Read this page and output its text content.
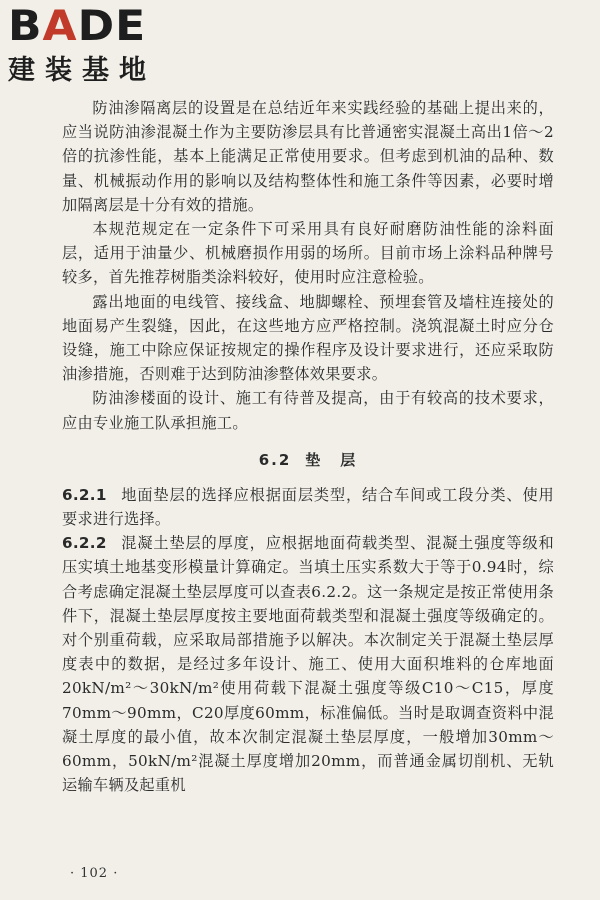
BADE
建装基地

防油渗隔离层的设置是在总结近年来实践经验的基础上提出来的，应当说防油渗混凝土作为主要防渗层具有比普通密实混凝土高出1倍～2倍的抗渗性能，基本上能满足正常使用要求。但考虑到机油的品种、数量、机械振动作用的影响以及结构整体性和施工条件等因素，必要时增加隔离层是十分有效的措施。

本规范规定在一定条件下可采用具有良好耐磨防油性能的涂料面层，适用于油量少、机械磨损作用弱的场所。目前市场上涂料品种牌号较多，首先推荐树脂类涂料较好，使用时应注意检验。

露出地面的电线管、接线盒、地脚螺栓、预埋套管及墙柱连接处的地面易产生裂缝，因此，在这些地方应严格控制。浇筑混凝土时应分仓设缝，施工中除应保证按规定的操作程序及设计要求进行，还应采取防油渗措施，否则难于达到防油渗整体效果要求。

防油渗楼面的设计、施工有待普及提高，由于有较高的技术要求，应由专业施工队承担施工。

6.2 垫 层

6.2.1 地面垫层的选择应根据面层类型，结合车间或工段分类、使用要求进行选择。

6.2.2 混凝土垫层的厚度，应根据地面荷载类型、混凝土强度等级和压实填土地基变形模量计算确定。当填土压实系数大于等于0.94时，综合考虑确定混凝土垫层厚度可以查表6.2.2。这一条规定是按正常使用条件下，混凝土垫层厚度按主要地面荷载类型和混凝土强度等级确定的。对个别重荷载，应采取局部措施予以解决。本次制定关于混凝土垫层厚度表中的数据，是经过多年设计、施工、使用大面积堆料的仓库地面20kN/m²～30kN/m²使用荷载下混凝土强度等级C10～C15，厚度70mm～90mm，C20厚度60mm，标准偏低。当时是取调查资料中混凝土厚度的最小值，故本次制定混凝土垫层厚度，一般增加30mm～60mm，50kN/m²混凝土厚度增加20mm，而普通金属切削机、无轨运输车辆及起重机

· 102 ·
